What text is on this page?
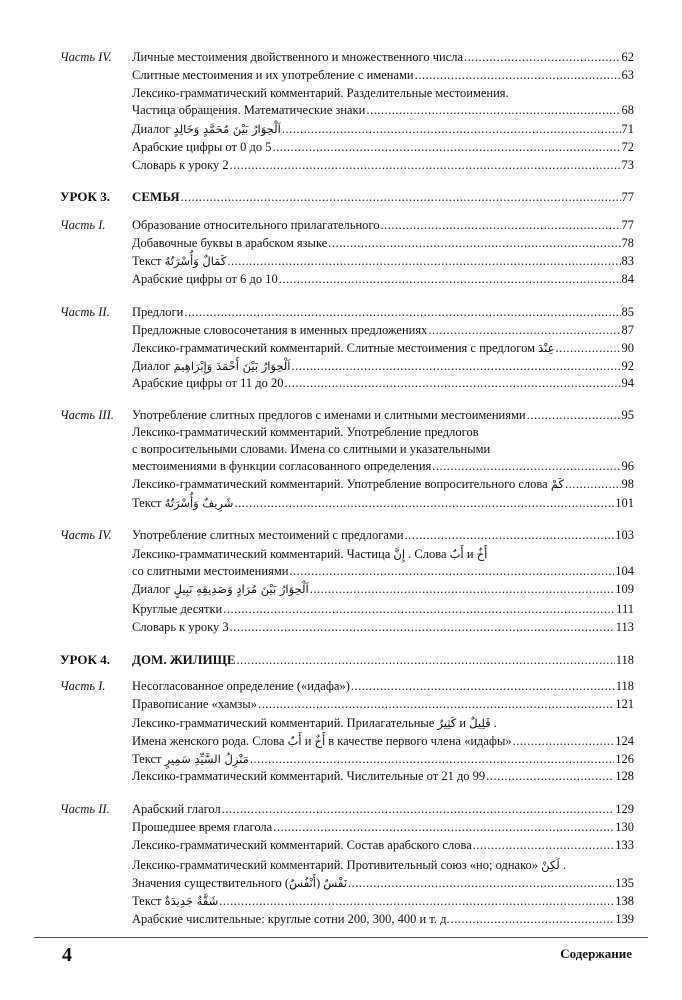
Часть IV. Личные местоимения двойственного и множественного числа .....	62
Слитные местоимения и их употребление с именами .....	63
Лексико-грамматический комментарий. Разделительные местоимения.
Частица обращения. Математические знаки .....	68
Диалог اَلْحِوَارُ بَيْنَ مُحَمَّدٍ وَخَالِدٍ .....	71
Арабские цифры от 0 до 5 .....	72
Словарь к уроку 2 .....	73
УРОК 3. СЕМЬЯ .....	77
Часть I. Образование относительного прилагательного .....	77
Добавочные буквы в арабском языке .....	78
Текст كَمَالٌ وَأُسْرَتُهُ .....	83
Арабские цифры от 6 до 10 .....	84
Часть II. Предлоги .....	85
Предложные словосочетания в именных предложениях .....	87
Лексико-грамматический комментарий. Слитные местоимения с предлогом عِنْدَ .....	90
Диалог اَلْحِوَارُ بَيْنَ أَحْمَدَ وَإِبْرَاهِيمَ .....	92
Арабские цифры от 11 до 20 .....	94
Часть III. Употребление слитных предлогов с именами и слитными местоимениями .....	95
Лексико-грамматический комментарий. Употребление предлогов
с вопросительными словами. Имена со слитными и указательными
местоимениями в функции согласованного определения .....	96
Лексико-грамматический комментарий. Употребление вопросительного слова كَمْ .....	98
Текст شَرِيفٌ وَأُسْرَتُهُ .....	101
Часть IV. Употребление слитных местоимений с предлогами .....	103
Лексико-грамматический комментарий. Частица إِنَّ . Слова أَبٌ и أَخٌ
со слитными местоимениями .....	104
Диалог اَلْحِوَارُ بَيْنَ مُرَادٍ وَصَدِيقِهِ نَبِيلٍ .....	109
Круглые десятки .....	111
Словарь к уроку 3 .....	113
УРОК 4. ДОМ. ЖИЛИЩЕ .....	118
Часть I. Несогласованное определение («идафа») .....	118
Правописание «хамзы» .....	121
Лексико-грамматический комментарий. Прилагательные كَثِيرٌ и قَلِيلٌ .
Имена женского рода. Слова أَبٌ и أَخٌ в качестве первого члена «идафы» .....	124
Текст مَنْزِلُ السَّيِّدِ سَمِيرٍ .....	126
Лексико-грамматический комментарий. Числительные от 21 до 99 .....	128
Часть II. Арабский глагол .....	129
Прошедшее время глагола .....	130
Лексико-грамматический комментарий. Состав арабского слова .....	133
Лексико-грамматический комментарий. Противительный союз «но; однако» لَكِنْ .
Значения существительного ( أَنْفُسٌ ) نَفْسٌ .....	135
Текст شَقَّةٌ جَدِيدَةٌ .....	138
Арабские числительные: круглые сотни 200, 300, 400 и т. д. .....	139
4	Содержание
